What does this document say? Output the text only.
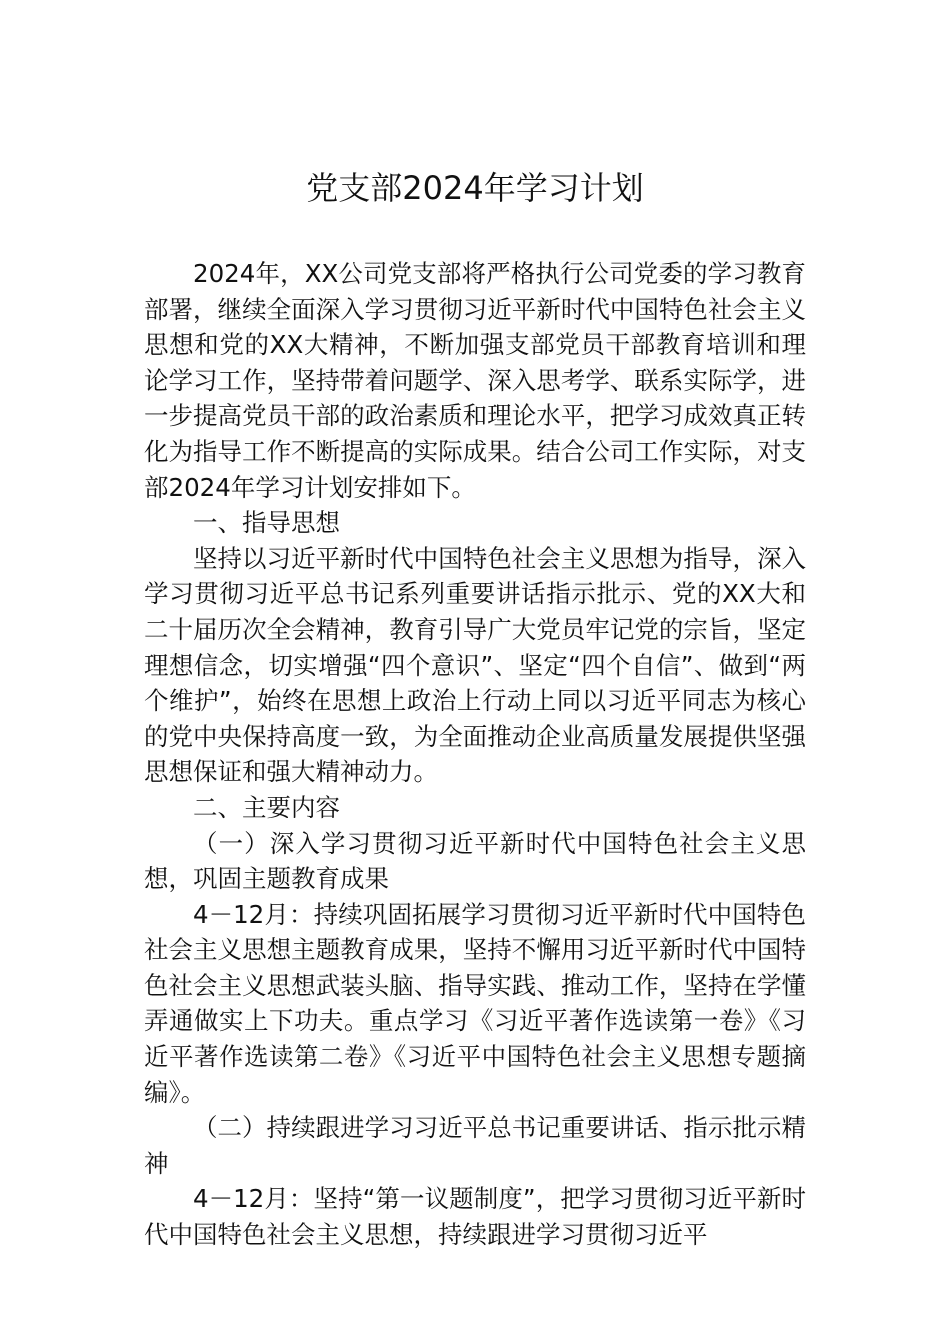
党支部2024年学习计划

2024年，XX公司党支部将严格执行公司党委的学习教育部署，继续全面深入学习贯彻习近平新时代中国特色社会主义思想和党的XX大精神，不断加强支部党员干部教育培训和理论学习工作，坚持带着问题学、深入思考学、联系实际学，进一步提高党员干部的政治素质和理论水平，把学习成效真正转化为指导工作不断提高的实际成果。结合公司工作实际，对支部2024年学习计划安排如下。

一、指导思想

坚持以习近平新时代中国特色社会主义思想为指导，深入学习贯彻习近平总书记系列重要讲话指示批示、党的XX大和二十届历次全会精神，教育引导广大党员牢记党的宗旨，坚定理想信念，切实增强“四个意识”、坚定“四个自信”、做到“两个维护”，始终在思想上政治上行动上同以习近平同志为核心的党中央保持高度一致，为全面推动企业高质量发展提供坚强思想保证和强大精神动力。

二、主要内容

（一）深入学习贯彻习近平新时代中国特色社会主义思想，巩固主题教育成果

4－12月：持续巩固拓展学习贯彻习近平新时代中国特色社会主义思想主题教育成果，坚持不懈用习近平新时代中国特色社会主义思想武装头脑、指导实践、推动工作，坚持在学懂弄通做实上下功夫。重点学习《习近平著作选读第一卷》《习近平著作选读第二卷》《习近平中国特色社会主义思想专题摘编》。

（二）持续跟进学习习近平总书记重要讲话、指示批示精神

4－12月：坚持“第一议题制度”，把学习贯彻习近平新时代中国特色社会主义思想，持续跟进学习贯彻习近平
